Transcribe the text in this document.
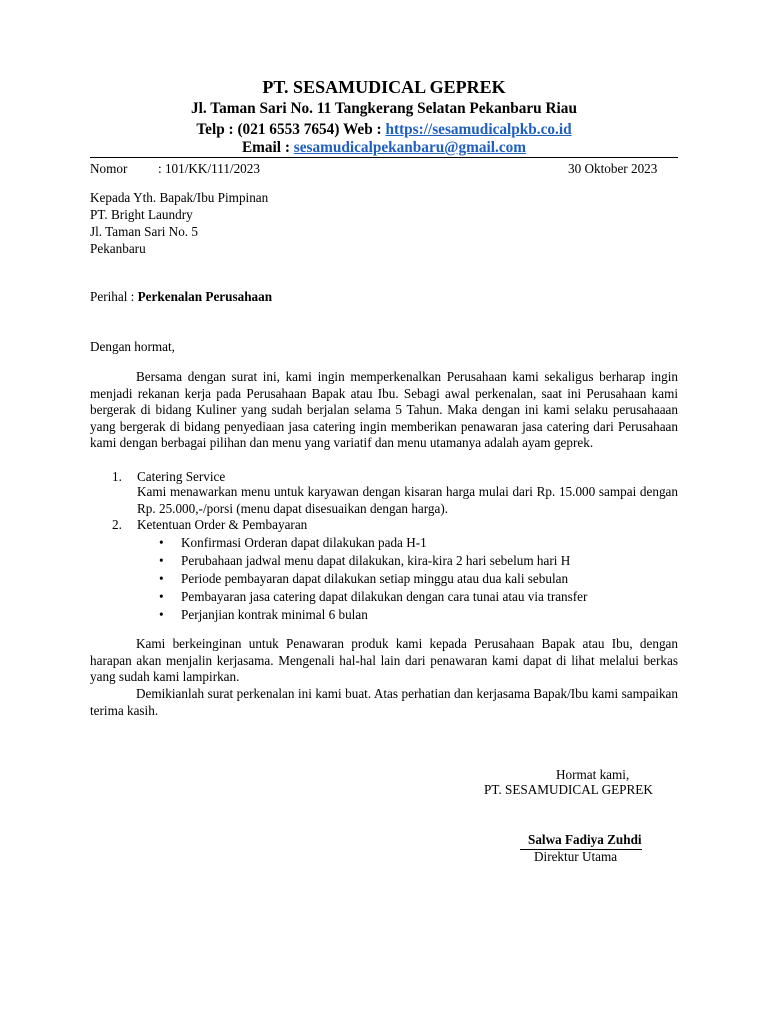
PT. SESAMUDICAL GEPREK
Jl. Taman Sari No. 11 Tangkerang Selatan Pekanbaru Riau
Telp : (021 6553 7654) Web : https://sesamudicalpkb.co.id
Email : sesamudicalpekanbaru@gmail.com
Nomor : 101/KK/111/2023	30 Oktober 2023
Kepada Yth. Bapak/Ibu Pimpinan
PT. Bright Laundry
Jl. Taman Sari No. 5
Pekanbaru
Perihal : Perkenalan Perusahaan
Dengan hormat,
Bersama dengan surat ini, kami ingin memperkenalkan Perusahaan kami sekaligus berharap ingin menjadi rekanan kerja pada Perusahaan Bapak atau Ibu. Sebagi awal perkenalan, saat ini Perusahaan kami bergerak di bidang Kuliner yang sudah berjalan selama 5 Tahun. Maka dengan ini kami selaku perusahaaan yang bergerak di bidang penyediaan jasa catering ingin memberikan penawaran jasa catering dari Perusahaan kami dengan berbagai pilihan dan menu yang variatif dan menu utamanya adalah ayam geprek.
1. Catering Service
Kami menawarkan menu untuk karyawan dengan kisaran harga mulai dari Rp. 15.000 sampai dengan Rp. 25.000,-/porsi (menu dapat disesuaikan dengan harga).
2. Ketentuan Order & Pembayaran
• Konfirmasi Orderan dapat dilakukan pada H-1
• Perubahaan jadwal menu dapat dilakukan, kira-kira 2 hari sebelum hari H
• Periode pembayaran dapat dilakukan setiap minggu atau dua kali sebulan
• Pembayaran jasa catering dapat dilakukan dengan cara tunai atau via transfer
• Perjanjian kontrak minimal 6 bulan
Kami berkeinginan untuk Penawaran produk kami kepada Perusahaan Bapak atau Ibu, dengan harapan akan menjalin kerjasama. Mengenali hal-hal lain dari penawaran kami dapat di lihat melalui berkas yang sudah kami lampirkan.
Demikianlah surat perkenalan ini kami buat. Atas perhatian dan kerjasama Bapak/Ibu kami sampaikan terima kasih.
Hormat kami,
PT. SESAMUDICAL GEPREK
Salwa Fadiya Zuhdi
Direktur Utama
